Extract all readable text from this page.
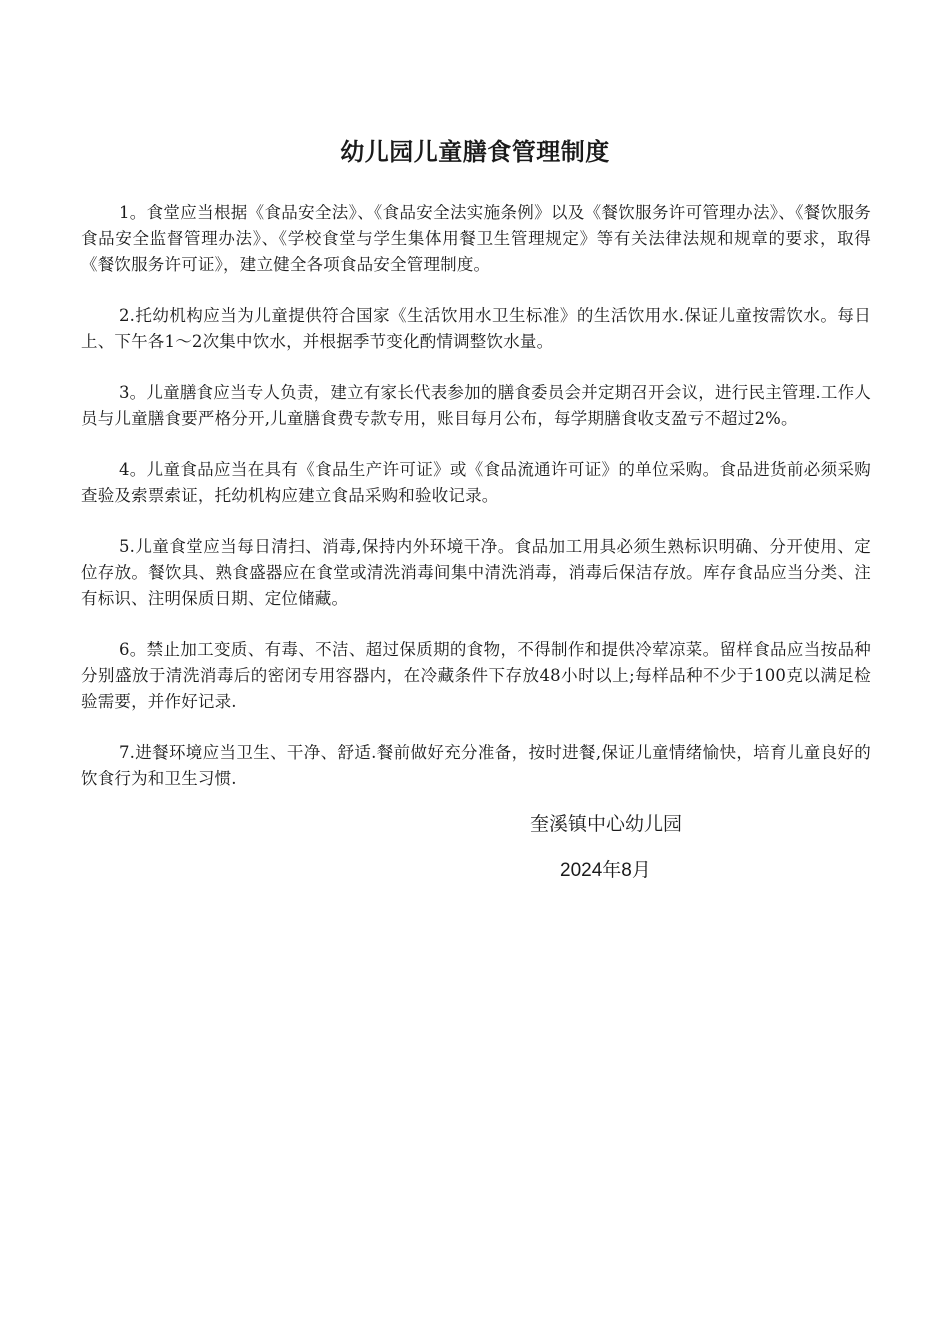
幼儿园儿童膳食管理制度

1。食堂应当根据《食品安全法》、《食品安全法实施条例》以及《餐饮服务许可管理办法》、《餐饮服务食品安全监督管理办法》、《学校食堂与学生集体用餐卫生管理规定》等有关法律法规和规章的要求，取得《餐饮服务许可证》，建立健全各项食品安全管理制度。

2.托幼机构应当为儿童提供符合国家《生活饮用水卫生标准》的生活饮用水.保证儿童按需饮水。每日上、下午各1～2次集中饮水，并根据季节变化酌情调整饮水量。

3。儿童膳食应当专人负责，建立有家长代表参加的膳食委员会并定期召开会议，进行民主管理.工作人员与儿童膳食要严格分开,儿童膳食费专款专用，账目每月公布，每学期膳食收支盈亏不超过2%。

4。儿童食品应当在具有《食品生产许可证》或《食品流通许可证》的单位采购。食品进货前必须采购查验及索票索证，托幼机构应建立食品采购和验收记录。

5.儿童食堂应当每日清扫、消毒,保持内外环境干净。食品加工用具必须生熟标识明确、分开使用、定位存放。餐饮具、熟食盛器应在食堂或清洗消毒间集中清洗消毒，消毒后保洁存放。库存食品应当分类、注有标识、注明保质日期、定位储藏。

6。禁止加工变质、有毒、不洁、超过保质期的食物，不得制作和提供冷荤凉菜。留样食品应当按品种分别盛放于清洗消毒后的密闭专用容器内，在冷藏条件下存放48小时以上;每样品种不少于100克以满足检验需要，并作好记录.

7.进餐环境应当卫生、干净、舒适.餐前做好充分准备，按时进餐,保证儿童情绪愉快，培育儿童良好的饮食行为和卫生习惯.

奎溪镇中心幼儿园
2024年8月
